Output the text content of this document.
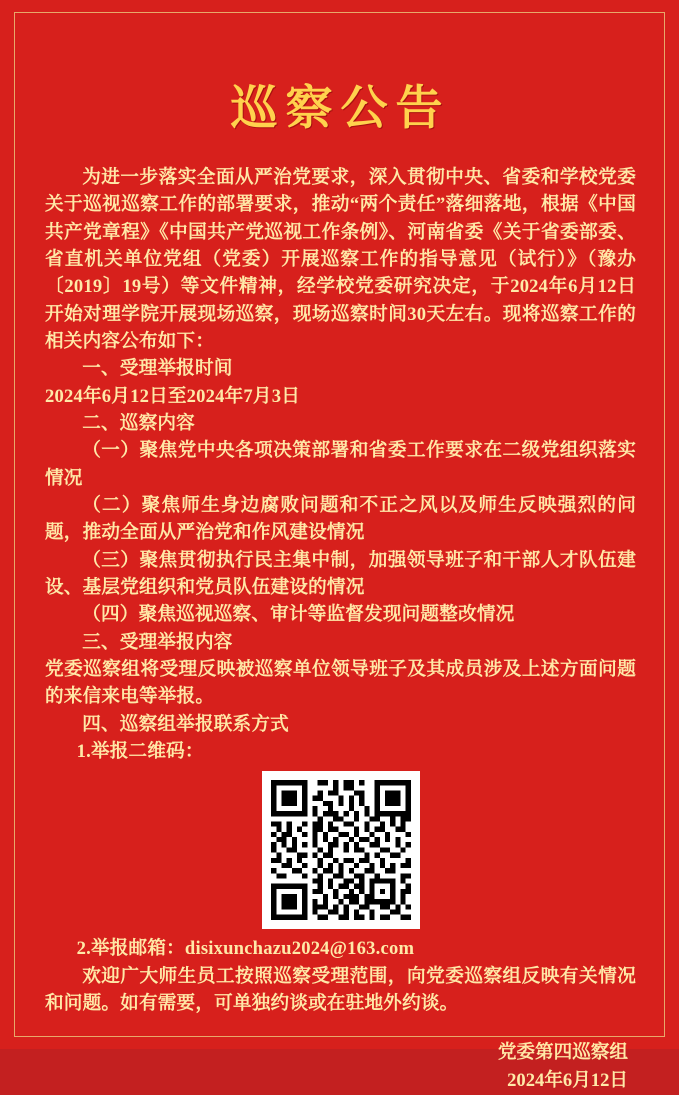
巡察公告

为进一步落实全面从严治党要求，深入贯彻中央、省委和学校党委关于巡视巡察工作的部署要求，推动“两个责任”落细落地，根据《中国共产党章程》《中国共产党巡视工作条例》、河南省委《关于省委部委、省直机关单位党组（党委）开展巡察工作的指导意见（试行）》（豫办〔2019〕19号）等文件精神，经学校党委研究决定，于2024年6月12日开始对理学院开展现场巡察，现场巡察时间30天左右。现将巡察工作的相关内容公布如下：

一、受理举报时间

2024年6月12日至2024年7月3日

二、巡察内容

（一）聚焦党中央各项决策部署和省委工作要求在二级党组织落实情况

（二）聚焦师生身边腐败问题和不正之风以及师生反映强烈的问题，推动全面从严治党和作风建设情况

（三）聚焦贯彻执行民主集中制，加强领导班子和干部人才队伍建设、基层党组织和党员队伍建设的情况

（四）聚焦巡视巡察、审计等监督发现问题整改情况

三、受理举报内容

党委巡察组将受理反映被巡察单位领导班子及其成员涉及上述方面问题的来信来电等举报。

四、巡察组举报联系方式

1.举报二维码：

2.举报邮箱：disixunchazu2024@163.com

欢迎广大师生员工按照巡察受理范围，向党委巡察组反映有关情况和问题。如有需要，可单独约谈或在驻地外约谈。

党委第四巡察组

2024年6月12日
